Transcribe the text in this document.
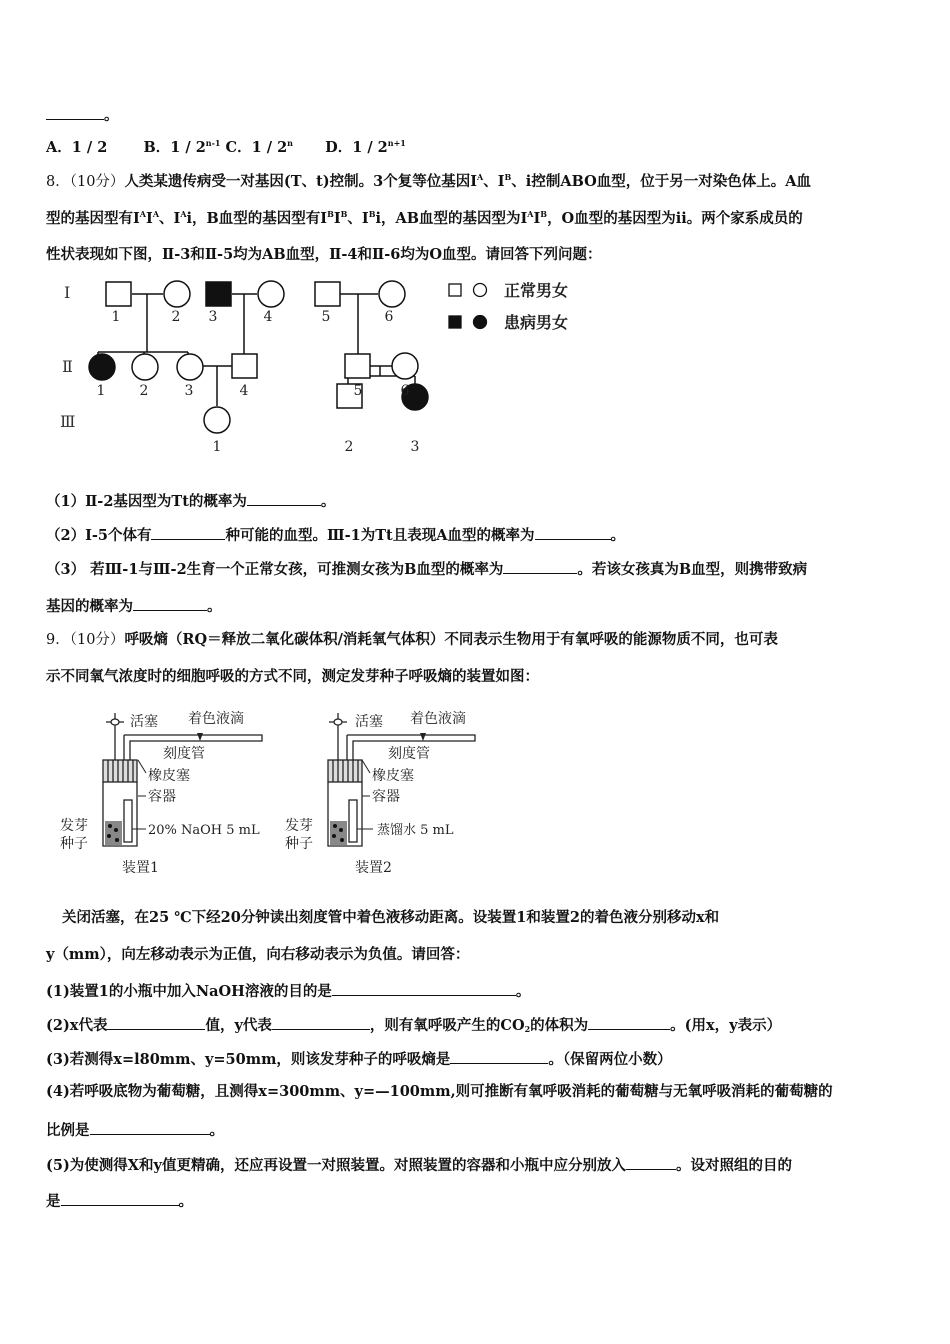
。
A．1 / 2 B．1 / 2$^{n-1}$ C．1 / 2$^n$ D．$1 / 2^{n+1}$
8．（10分）人类某遗传病受一对基因(T、t)控制。3个复等位基因$I^A$、$I^B$、i控制ABO血型，位于另一对染色体上。A血
型的基因型有$I^AI^A$、$I^Ai$，B血型的基因型有$I^BI^B$、$I^Bi$，AB血型的基因型为$I^AI^B$，O血型的基因型为ii。两个家系成员的
性状表现如下图，Ⅱ-3和Ⅱ-5均为AB血型，Ⅱ-4和Ⅱ-6均为O血型。请回答下列问题：
Ⅰ
Ⅱ
Ⅲ
1	2 3	4	5	6
1 2	3	4	5	6
1	2	3
正常男女
患病男女
（1）Ⅱ-2基因型为Tt的概率为	。
（2）Ⅰ-5个体有	种可能的血型。Ⅲ-1为Tt且表现A血型的概率为	。
（3） 若Ⅲ-1与Ⅲ-2生育一个正常女孩，可推测女孩为B血型的概率为	。若该女孩真为B血型，则携带致病
基因的概率为	。
9．（10分）呼吸熵（RQ＝释放二氧化碳体积/消耗氧气体积）不同表示生物用于有氧呼吸的能源物质不同，也可表
示不同氧气浓度时的细胞呼吸的方式不同，测定发芽种子呼吸熵的装置如图：
活塞 着色液滴
刻度管
橡皮塞
容器
发芽
种子
20% NaOH 5 mL
装置1
活塞 着色液滴
刻度管
橡皮塞
容器
发芽
种子
蒸馏水 5 mL
装置2
关闭活塞，在25 ℃下经20分钟读出刻度管中着色液移动距离。设装置1和装置2的着色液分别移动x和
y（mm），向左移动表示为正值，向右移动表示为负值。请回答：
(1)装置1的小瓶中加入NaOH溶液的目的是	。
(2)x代表	值，y代表	，则有氧呼吸产生的$CO_2$的体积为	。(用x，y表示）
(3)若测得x=l80mm、y=50mm，则该发芽种子的呼吸熵是	。（保留两位小数）
(4)若呼吸底物为葡萄糖，且测得x=300mm、y=—100mm,则可推断有氧呼吸消耗的葡萄糖与无氧呼吸消耗的葡萄糖的
比例是	。
(5)为使测得X和y值更精确，还应再设置一对照装置。对照装置的容器和小瓶中应分别放入	。设对照组的目的
是	。
